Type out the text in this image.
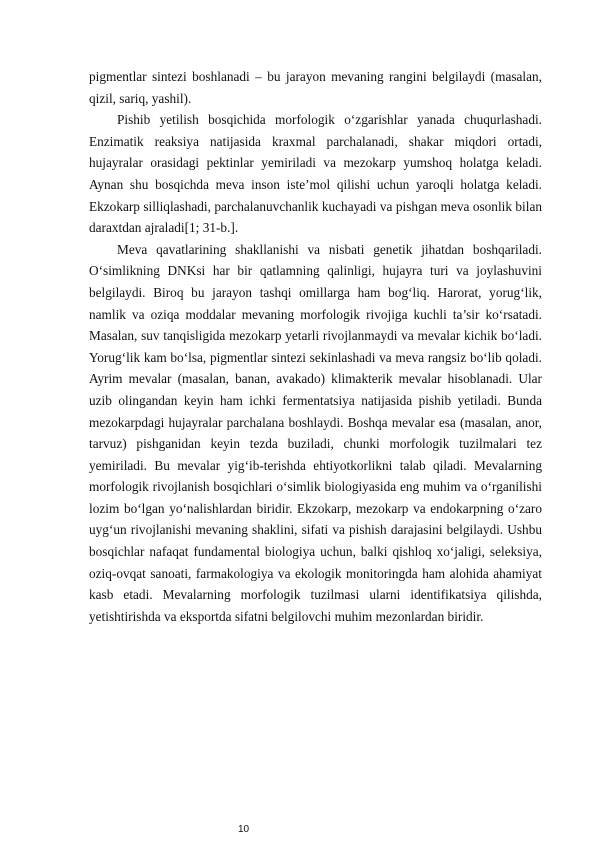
pigmentlar sintezi boshlanadi – bu jarayon mevaning rangini belgilaydi (masalan, qizil, sariq, yashil).

Pishib yetilish bosqichida morfologik o‘zgarishlar yanada chuqurlashadi. Enzimatik reaksiya natijasida kraxmal parchalanadi, shakar miqdori ortadi, hujayralar orasidagi pektinlar yemiriladi va mezokarp yumshoq holatga keladi. Aynan shu bosqichda meva inson iste’mol qilishi uchun yaroqli holatga keladi. Ekzokarp silliqlashadi, parchalanuvchanlik kuchayadi va pishgan meva osonlik bilan daraxtdan ajraladi[1; 31-b.].

Meva qavatlarining shakllanishi va nisbati genetik jihatdan boshqariladi. O‘simlikning DNKsi har bir qatlamning qalinligi, hujayra turi va joylashuvini belgilaydi. Biroq bu jarayon tashqi omillarga ham bog‘liq. Harorat, yorug‘lik, namlik va oziqa moddalar mevaning morfologik rivojiga kuchli ta’sir ko‘rsatadi. Masalan, suv tanqisligida mezokarp yetarli rivojlanmaydi va mevalar kichik bo‘ladi. Yorug‘lik kam bo‘lsa, pigmentlar sintezi sekinlashadi va meva rangsiz bo‘lib qoladi. Ayrim mevalar (masalan, banan, avakado) klimakterik mevalar hisoblanadi. Ular uzib olingandan keyin ham ichki fermentatsiya natijasida pishib yetiladi. Bunda mezokarpdagi hujayralar parchalana boshlaydi. Boshqa mevalar esa (masalan, anor, tarvuz) pishganidan keyin tezda buziladi, chunki morfologik tuzilmalari tez yemiriladi. Bu mevalar yig‘ib-terishda ehtiyotkorlikni talab qiladi. Mevalarning morfologik rivojlanish bosqichlari o‘simlik biologiyasida eng muhim va o‘rganilishi lozim bo‘lgan yo‘nalishlardan biridir. Ekzokarp, mezokarp va endokarpning o‘zaro uyg‘un rivojlanishi mevaning shaklini, sifati va pishish darajasini belgilaydi. Ushbu bosqichlar nafaqat fundamental biologiya uchun, balki qishloq xo‘jaligi, seleksiya, oziq-ovqat sanoati, farmakologiya va ekologik monitoringda ham alohida ahamiyat kasb etadi. Mevalarning morfologik tuzilmasi ularni identifikatsiya qilishda, yetishtirishda va eksportda sifatni belgilovchi muhim mezonlardan biridir.

10
